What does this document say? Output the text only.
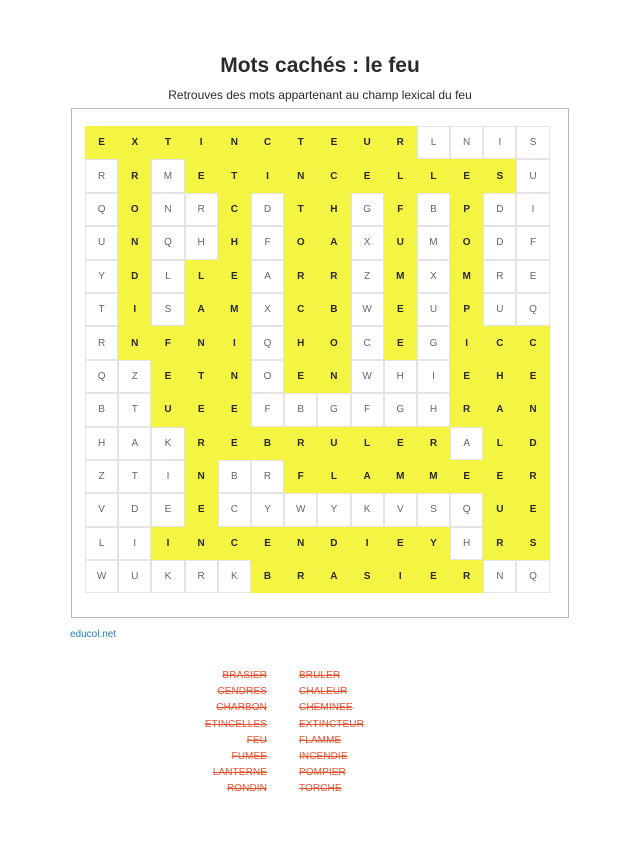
Mots cachés : le feu
Retrouves des mots appartenant au champ lexical du feu
E	X	T	I	N	C	T	E	U	R	L	N	I	S
R	R	M	E	T	I	N	C	E	L	L	E	S	U
Q	O	N	R	C	D	T	H	G	F	B	P	D	I
U	N	Q	H	H	F	O	A	X	U	M	O	D	F
Y	D	L	L	E	A	R	R	Z	M	X	M	R	E
T	I	S	A	M	X	C	B	W	E	U	P	U	Q
R	N	F	N	I	Q	H	O	C	E	G	I	C	C
Q	Z	E	T	N	O	E	N	W	H	I	E	H	E
B	T	U	E	E	F	B	G	F	G	H	R	A	N
H	A	K	R	E	B	R	U	L	E	R	A	L	D
Z	T	I	N	B	R	F	L	A	M	M	E	E	R
V	D	E	E	C	Y	W	Y	K	V	S	Q	U	E
L	I	I	N	C	E	N	D	I	E	Y	H	R	S
W	U	K	R	K	B	R	A	S	I	E	R	N	Q
educol.net
BRASIER	BRULER
CENDRES	CHALEUR
CHARBON	CHEMINEE
ETINCELLES	EXTINCTEUR
FEU	FLAMME
FUMEE	INCENDIE
LANTERNE	POMPIER
RONDIN	TORCHE
